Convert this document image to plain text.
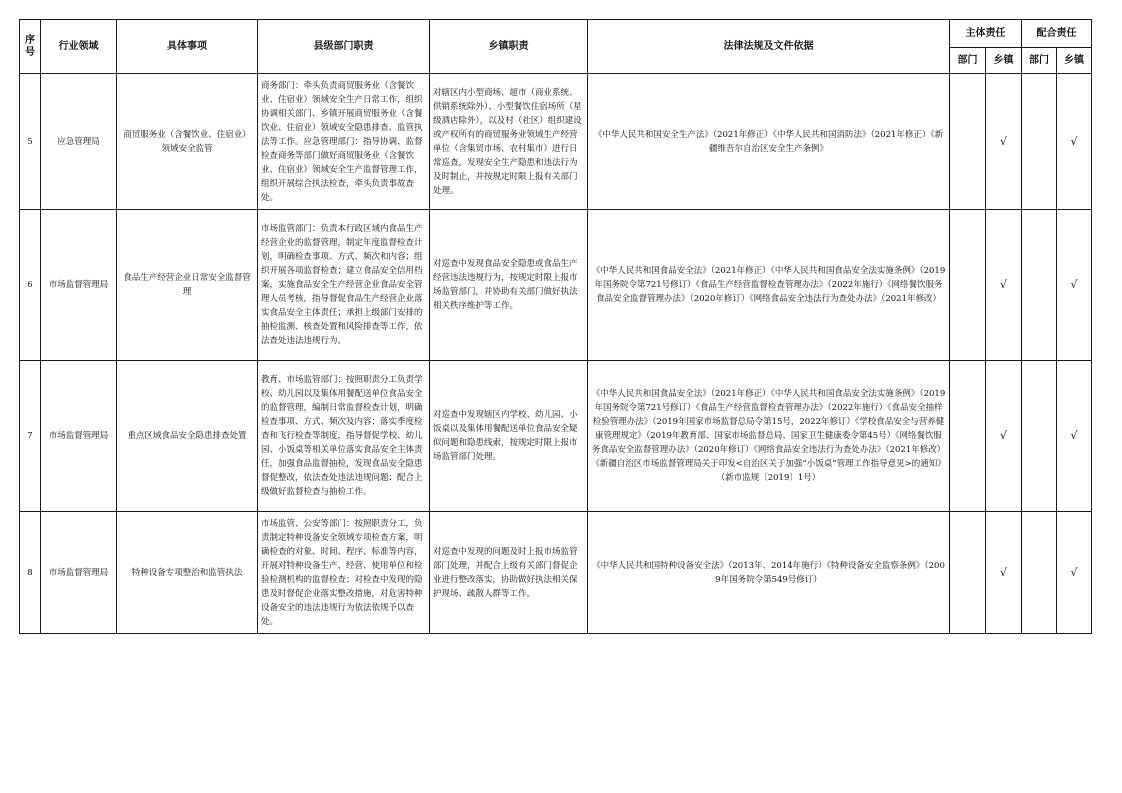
序号	行业领域	具体事项	县级部门职责	乡镇职责	法律法规及文件依据	主体责任		配合责任	
						部门	乡镇	部门	乡镇
5	应急管理局	商贸服务业（含餐饮业、住宿业）领域安全监管	商务部门：牵头负责商贸服务业（含餐饮业、住宿业）领域安全生产日常工作，组织协调相关部门、乡镇开展商贸服务业（含餐饮业、住宿业）领域安全隐患排查、监管执法等工作。应急管理部门：指导协调、监督检查商务等部门做好商贸服务业（含餐饮业、住宿业）领域安全生产监督管理工作，组织开展综合执法检查，牵头负责事故查处。	对辖区内小型商场、超市（商业系统、供销系统除外）、小型餐饮住宿场所（星级酒店除外），以及村（社区）组织建设或产权所有的商贸服务业领域生产经营单位（含集贸市场、农村集市）进行日常巡查，发现安全生产隐患和违法行为及时制止，并按规定时限上报有关部门处理。	《中华人民共和国安全生产法》（2021年修正）《中华人民共和国消防法》（2021年修正）《新疆维吾尔自治区安全生产条例》		√		√
6	市场监督管理局	食品生产经营企业日常安全监督管理	市场监管部门：负责本行政区域内食品生产经营企业的监督管理，制定年度监督检查计划，明确检查事项、方式、频次和内容；组织开展各项监督检查；建立食品安全信用档案，实施食品安全生产经营企业食品安全管理人员考核，指导督促食品生产经营企业落实食品安全主体责任；承担上级部门安排的抽检监测、核查处置和风险排查等工作，依法查处违法违规行为。	对巡查中发现食品安全隐患或食品生产经营违法违规行为，按规定时限上报市场监管部门，并协助有关部门做好执法相关秩序维护等工作。	《中华人民共和国食品安全法》（2021年修正）《中华人民共和国食品安全法实施条例》（2019年国务院令第721号修订）《食品生产经营监督检查管理办法》（2022年施行）《网络餐饮服务食品安全监督管理办法》（2020年修订）《网络食品安全违法行为查处办法》（2021年修改）		√		√
7	市场监督管理局	重点区域食品安全隐患排查处置	教育、市场监管部门：按照职责分工负责学校、幼儿园以及集体用餐配送单位食品安全的监督管理，编制日常监督检查计划，明确检查事项、方式、频次及内容；落实季度检查和飞行检查等制度，指导督促学校、幼儿园、小饭桌等相关单位落实食品安全主体责任，加强食品监督抽检，发现食品安全隐患督促整改，依法查处违法违规问题；配合上级做好监督检查与抽检工作。	对巡查中发现辖区内学校、幼儿园、小饭桌以及集体用餐配送单位食品安全疑似问题和隐患线索，按规定时限上报市场监管部门处理。	《中华人民共和国食品安全法》（2021年修正）《中华人民共和国食品安全法实施条例》（2019年国务院令第721号修订）《食品生产经营监督检查管理办法》（2022年施行）《食品安全抽样检验管理办法》（2019年国家市场监督总局令第15号，2022年修订）《学校食品安全与营养健康管理规定》（2019年教育部、国家市场监督总局、国家卫生健康委令第45号）《网络餐饮服务食品安全监督管理办法》（2020年修订）《网络食品安全违法行为查处办法》（2021年修改）《新疆自治区市场监督管理局关于印发<自治区关于加强“小饭桌”管理工作指导意见>的通知》（新市监规〔2019〕1号）		√		√
8	市场监督管理局	特种设备专项整治和监管执法	市场监管、公安等部门：按照职责分工，负责制定特种设备安全领域专项检查方案，明确检查的对象、时间、程序、标准等内容，开展对特种设备生产、经营、使用单位和检验检测机构的监督检查；对检查中发现的隐患及时督促企业落实整改措施，对危害特种设备安全的违法违规行为依法依规予以查处。	对巡查中发现的问题及时上报市场监管部门处理，并配合上级有关部门督促企业进行整改落实，协助做好执法相关保护现场、疏散人群等工作。	《中华人民共和国特种设备安全法》（2013年、2014年施行）《特种设备安全监察条例》（2009年国务院令第549号修订）		√		√
